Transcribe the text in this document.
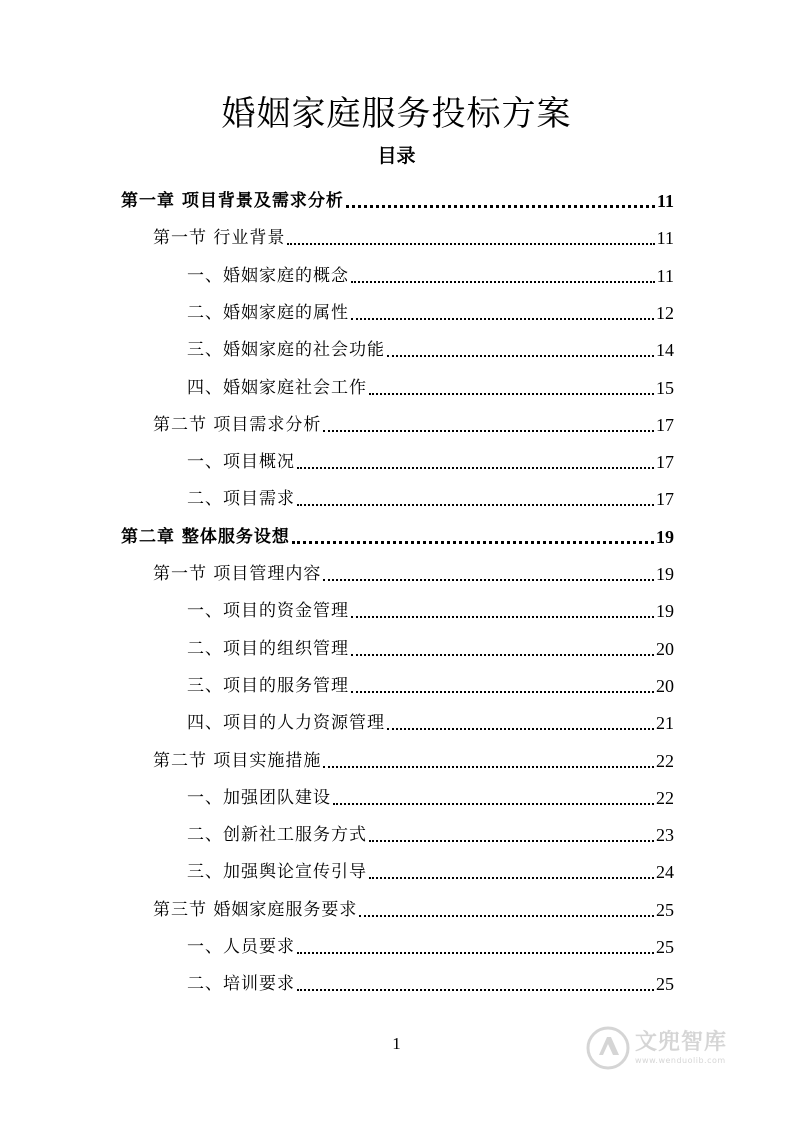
婚姻家庭服务投标方案
目录
第一章 项目背景及需求分析	11
第一节 行业背景	11
一、婚姻家庭的概念	11
二、婚姻家庭的属性	12
三、婚姻家庭的社会功能	14
四、婚姻家庭社会工作	15
第二节 项目需求分析	17
一、项目概况	17
二、项目需求	17
第二章 整体服务设想	19
第一节 项目管理内容	19
一、项目的资金管理	19
二、项目的组织管理	20
三、项目的服务管理	20
四、项目的人力资源管理	21
第二节 项目实施措施	22
一、加强团队建设	22
二、创新社工服务方式	23
三、加强舆论宣传引导	24
第三节 婚姻家庭服务要求	25
一、人员要求	25
二、培训要求	25
1	文兜智库
www.wenduolib.com
